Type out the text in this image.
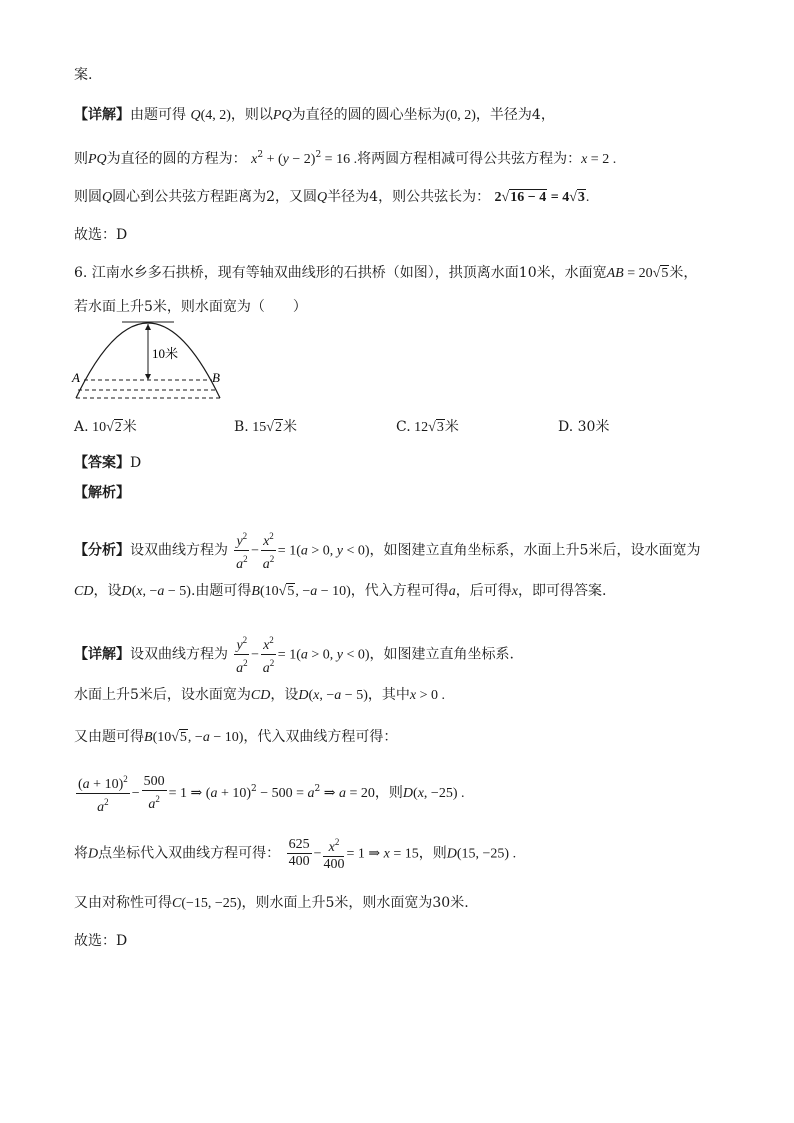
案.
【详解】由题可得 Q(4, 2)，则以PQ为直径的圆的圆心坐标为(0, 2)，半径为4，
则PQ为直径的圆的方程为： $x^2 + (y - 2)^2 = 16$ .将两圆方程相减可得公共弦方程为：x = 2 .
则圆Q圆心到公共弦方程距离为2，又圆Q半径为4，则公共弦长为： 2√16 − 4 = 4√3.
故选：D
6. 江南水乡多石拱桥，现有等轴双曲线形的石拱桥（如图），拱顶离水面10米，水面宽AB = 20√5米，
若水面上升5米，则水面宽为（　　）
10米
A	B
A. 10√2米	B. 15√2米	C. 12√3米	D. 30米
【答案】D
【解析】
【分析】设双曲线方程为 $\frac{y^2}{a^2} - \frac{x^2}{a^2} = 1(a > 0$, y < 0)，如图建立直角坐标系，水面上升5米后，设水面宽为
CD，设D(x, −a − 5).由题可得B(10√5, −a − 10)，代入方程可得a，后可得x，即可得答案.
【详解】设双曲线方程为 $\frac{y^2}{a^2} - \frac{x^2}{a^2} = 1(a > 0$, y < 0)，如图建立直角坐标系.
水面上升5米后，设水面宽为CD，设D(x, −a − 5)，其中x > 0 .
又由题可得B(10√5, −a − 10)，代入双曲线方程可得：
$\frac{(a + 10)^2}{a^2} - \frac{500}{a^2} = 1$ ⇒ $(a + 10)^2 - 500 = a^2$ ⇒ a = 20，则D(x, −25) .
将D点坐标代入双曲线方程可得： $\frac{625}{400} - \frac{x^2}{400} = 1$ ⇒ x = 15，则D(15, −25) .
又由对称性可得C(−15, −25)，则水面上升5米，则水面宽为30米.
故选：D
